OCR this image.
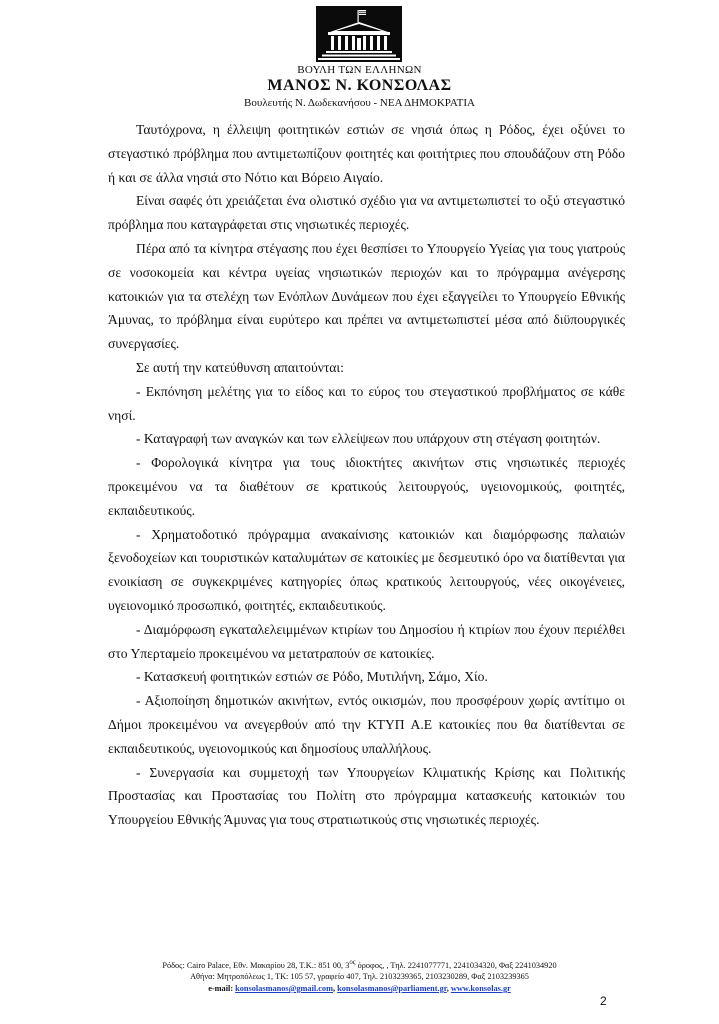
ΒΟΥΛΗ ΤΩΝ ΕΛΛΗΝΩΝ
ΜΑΝΟΣ Ν. ΚΟΝΣΟΛΑΣ
Βουλευτής Ν. Δωδεκανήσου - ΝΕΑ ΔΗΜΟΚΡΑΤΙΑ

Ταυτόχρονα, η έλλειψη φοιτητικών εστιών σε νησιά όπως η Ρόδος, έχει οξύνει το στεγαστικό πρόβλημα που αντιμετωπίζουν φοιτητές και φοιτήτριες που σπουδάζουν στη Ρόδο ή και σε άλλα νησιά στο Νότιο και Βόρειο Αιγαίο.

Είναι σαφές ότι χρειάζεται ένα ολιστικό σχέδιο για να αντιμετωπιστεί το οξύ στεγαστικό πρόβλημα που καταγράφεται στις νησιωτικές περιοχές.

Πέρα από τα κίνητρα στέγασης που έχει θεσπίσει το Υπουργείο Υγείας για τους γιατρούς σε νοσοκομεία και κέντρα υγείας νησιωτικών περιοχών και το πρόγραμμα ανέγερσης κατοικιών για τα στελέχη των Ενόπλων Δυνάμεων που έχει εξαγγείλει το Υπουργείο Εθνικής Άμυνας, το πρόβλημα είναι ευρύτερο και πρέπει να αντιμετωπιστεί μέσα από διϋπουργικές συνεργασίες.

Σε αυτή την κατεύθυνση απαιτούνται:

- Εκπόνηση μελέτης για το είδος και το εύρος του στεγαστικού προβλήματος σε κάθε νησί.

- Καταγραφή των αναγκών και των ελλείψεων που υπάρχουν στη στέγαση φοιτητών.

- Φορολογικά κίνητρα για τους ιδιοκτήτες ακινήτων στις νησιωτικές περιοχές προκειμένου να τα διαθέτουν σε κρατικούς λειτουργούς, υγειονομικούς, φοιτητές, εκπαιδευτικούς.

- Χρηματοδοτικό πρόγραμμα ανακαίνισης κατοικιών και διαμόρφωσης παλαιών ξενοδοχείων και τουριστικών καταλυμάτων σε κατοικίες με δεσμευτικό όρο να διατίθενται για ενοικίαση σε συγκεκριμένες κατηγορίες όπως κρατικούς λειτουργούς, νέες οικογένειες, υγειονομικό προσωπικό, φοιτητές, εκπαιδευτικούς.

- Διαμόρφωση εγκαταλελειμμένων κτιρίων του Δημοσίου ή κτιρίων που έχουν περιέλθει στο Υπερταμείο προκειμένου να μετατραπούν σε κατοικίες.

- Κατασκευή φοιτητικών εστιών σε Ρόδο, Μυτιλήνη, Σάμο, Χίο.

- Αξιοποίηση δημοτικών ακινήτων, εντός οικισμών, που προσφέρουν χωρίς αντίτιμο οι Δήμοι προκειμένου να ανεγερθούν από την ΚΤΥΠ Α.Ε κατοικίες που θα διατίθενται σε εκπαιδευτικούς, υγειονομικούς και δημοσίους υπαλλήλους.

- Συνεργασία και συμμετοχή των Υπουργείων Κλιματικής Κρίσης και Πολιτικής Προστασίας και Προστασίας του Πολίτη στο πρόγραμμα κατασκευής κατοικιών του Υπουργείου Εθνικής Άμυνας για τους στρατιωτικούς στις νησιωτικές περιοχές.

Ρόδος: Cairo Palace, Εθν. Μακαρίου 28, Τ.Κ.: 851 00, $3^{o\varsigma}$ όροφος, , Τηλ. 2241077771, 2241034320, Φαξ 2241034920
Αθήνα: Μητροπόλεως 1, ΤΚ: 105 57, γραφείο 407, Τηλ. 2103239365, 2103230289, Φαξ 2103239365
e-mail: konsolasmanos@gmail.com, konsolasmanos@parliament.gr, www.konsolas.gr
2
